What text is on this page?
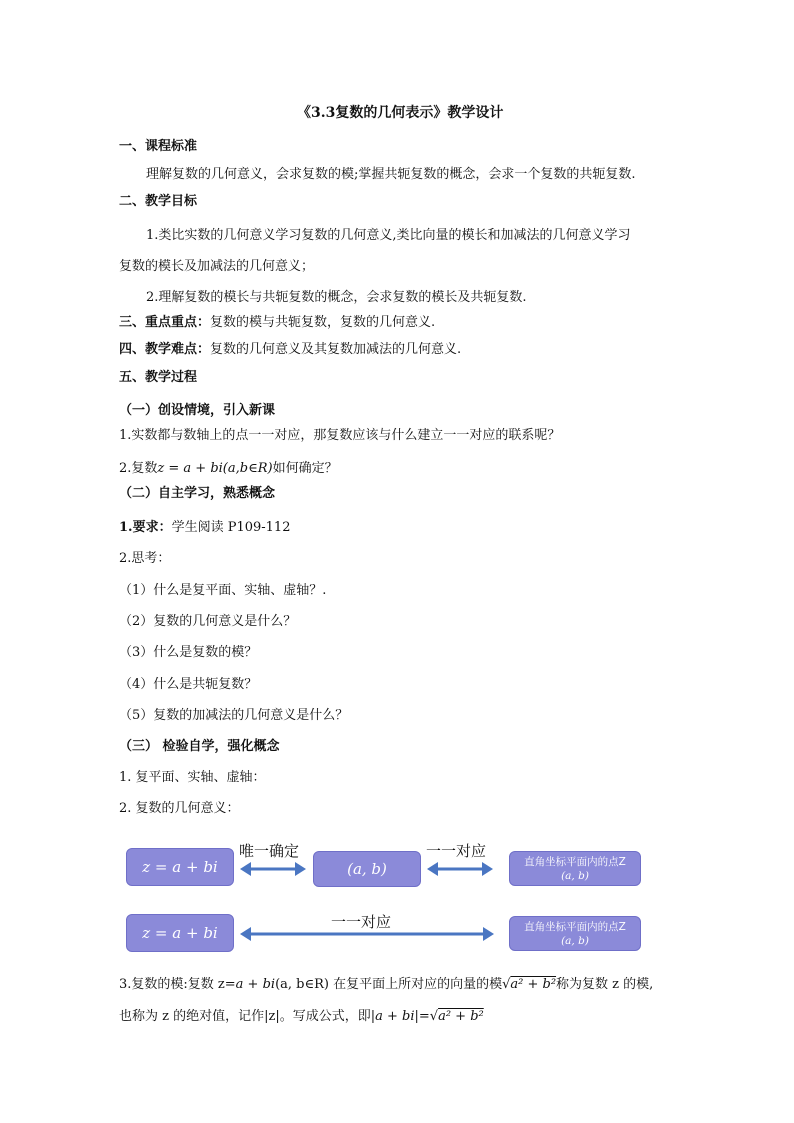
《3.3复数的几何表示》教学设计
一、课程标准
理解复数的几何意义，会求复数的模;掌握共轭复数的概念，会求一个复数的共轭复数.
二、教学目标
1.类比实数的几何意义学习复数的几何意义,类比向量的模长和加减法的几何意义学习
复数的模长及加减法的几何意义；
2.理解复数的模长与共轭复数的概念，会求复数的模长及共轭复数.
三、重点重点：复数的模与共轭复数，复数的几何意义.
四、教学难点：复数的几何意义及其复数加减法的几何意义.
五、教学过程
（一）创设情境，引入新课
1.实数都与数轴上的点一一对应，那复数应该与什么建立一一对应的联系呢？
2.复数z = a + bi(a,b∈R)如何确定？
（二）自主学习，熟悉概念
1.要求：学生阅读 P109-112
2.思考：
（1）什么是复平面、实轴、虚轴？.
（2）复数的几何意义是什么？
（3）什么是复数的模？
（4）什么是共轭复数？
（5）复数的加减法的几何意义是什么？
（三） 检验自学，强化概念
1. 复平面、实轴、虚轴：
2. 复数的几何意义：
z = a + bi
唯一确定
(a, b)
一一对应
直角坐标平面内的点Z
(a, b)
z = a + bi
一一对应	直角坐标平面内的点Z
(a, b)
3.复数的模:复数 z=a + bi(a, b∈R) 在复平面上所对应的向量的模√a² + b²称为复数 z 的模,
也称为 z 的绝对值，记作|z|。写成公式，即|a + bi|=√a² + b²
